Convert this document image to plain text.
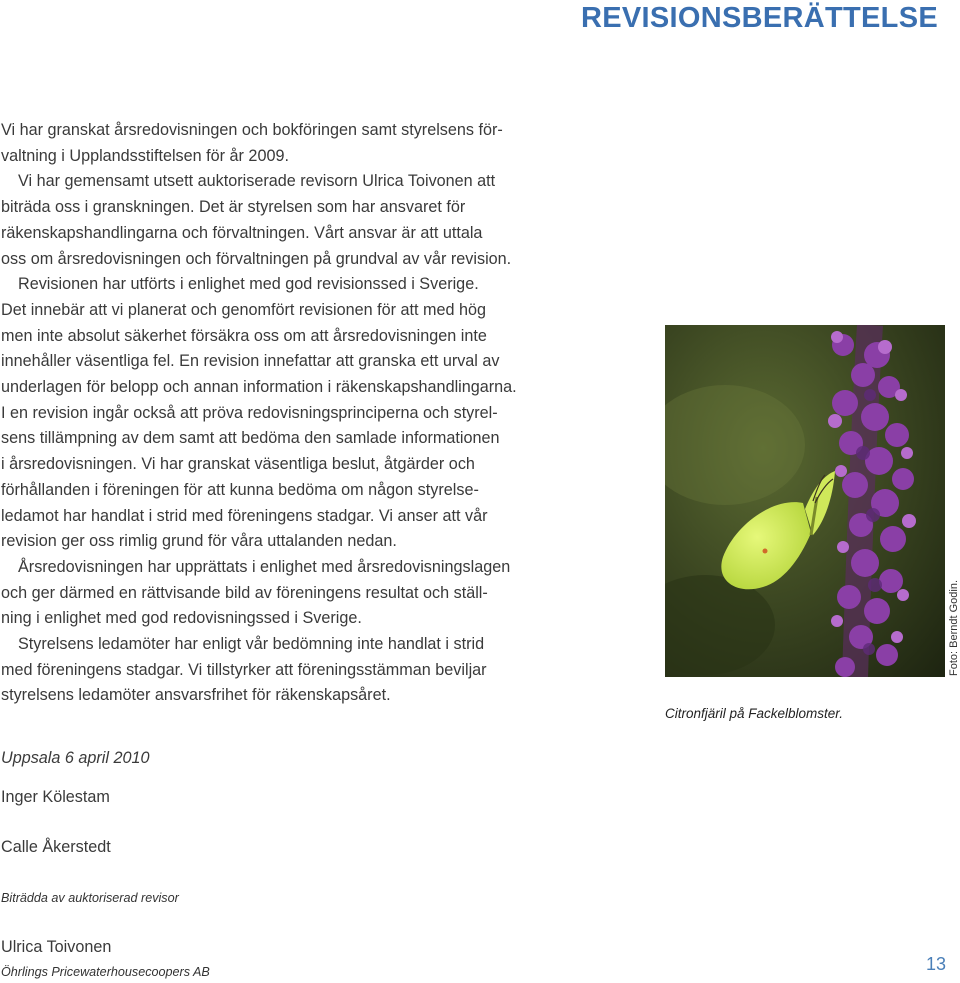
REVISIONSBERÄTTELSE
Vi har granskat årsredovisningen och bokföringen samt styrelsens för-
valtning i Upplandsstiftelsen för år 2009.
Vi har gemensamt utsett auktoriserade revisorn Ulrica Toivonen att
biträda oss i granskningen. Det är styrelsen som har ansvaret för
räkenskapshandlingarna och förvaltningen. Vårt ansvar är att uttala
oss om årsredovisningen och förvaltningen på grundval av vår revision.
Revisionen har utförts i enlighet med god revisionssed i Sverige.
Det innebär att vi planerat och genomfört revisionen för att med hög
men inte absolut säkerhet försäkra oss om att årsredovisningen inte
innehåller väsentliga fel. En revision innefattar att granska ett urval av
underlagen för belopp och annan information i räkenskapshandlingarna.
I en revision ingår också att pröva redovisningsprinciperna och styrel-
sens tillämpning av dem samt att bedöma den samlade informationen
i årsredovisningen. Vi har granskat väsentliga beslut, åtgärder och
förhållanden i föreningen för att kunna bedöma om någon styrelse-
ledamot har handlat i strid med föreningens stadgar. Vi anser att vår
revision ger oss rimlig grund för våra uttalanden nedan.
Årsredovisningen har upprättats i enlighet med årsredovisningslagen
och ger därmed en rättvisande bild av föreningens resultat och ställ-
ning i enlighet med god redovisningssed i Sverige.
Styrelsens ledamöter har enligt vår bedömning inte handlat i strid
med föreningens stadgar. Vi tillstyrker att föreningsstämman beviljar
styrelsens ledamöter ansvarsfrihet för räkenskapsåret.
Citronfjäril på Fackelblomster.
Foto: Berndt Godin.
Uppsala 6 april 2010
Inger Kölestam
Calle Åkerstedt
Biträdda av auktoriserad revisor
Ulrica Toivonen
Öhrlings Pricewaterhousecoopers AB	13
